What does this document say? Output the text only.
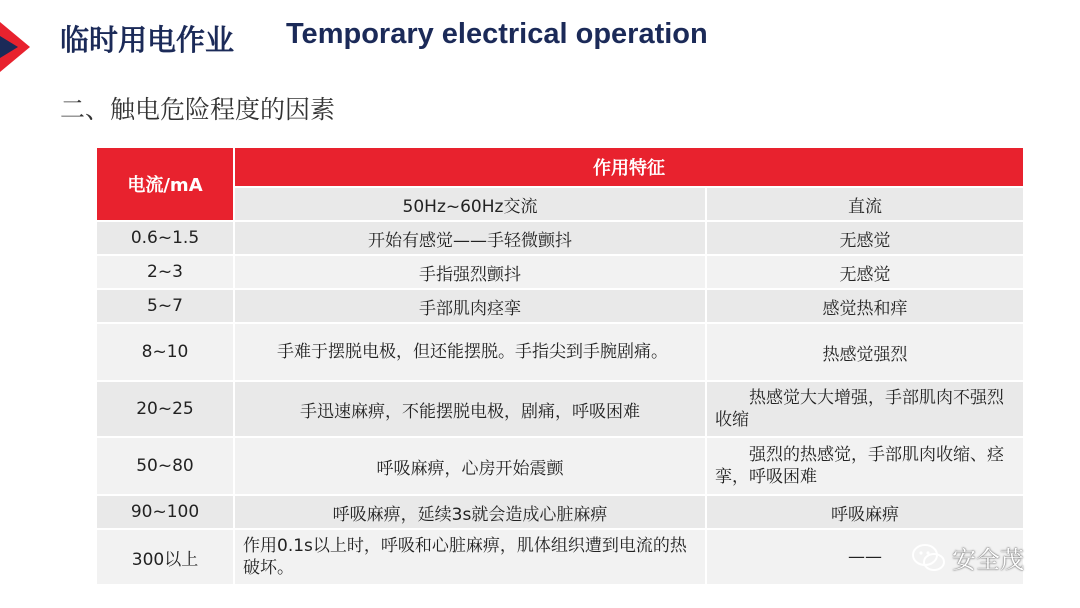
临时用电作业 Temporary electrical operation
二、触电危险程度的因素
电流/mA	作用特征	
	50Hz~60Hz交流	直流
0.6~1.5	开始有感觉——手轻微颤抖	无感觉
2~3	手指强烈颤抖	无感觉
5~7	手部肌肉痉挛	感觉热和痒
8~10	手难于摆脱电极，但还能摆脱。手指尖到手腕剧痛。	热感觉强烈
20~25	手迅速麻痹，不能摆脱电极，剧痛，呼吸困难	热感觉大大增强，手部肌肉不强烈收缩
50~80	呼吸麻痹，心房开始震颤	强烈的热感觉，手部肌肉收缩、痉挛，呼吸困难
90~100	呼吸麻痹，延续3s就会造成心脏麻痹	呼吸麻痹
300以上	作用0.1s以上时，呼吸和心脏麻痹，肌体组织遭到电流的热破坏。	——	安全茂
